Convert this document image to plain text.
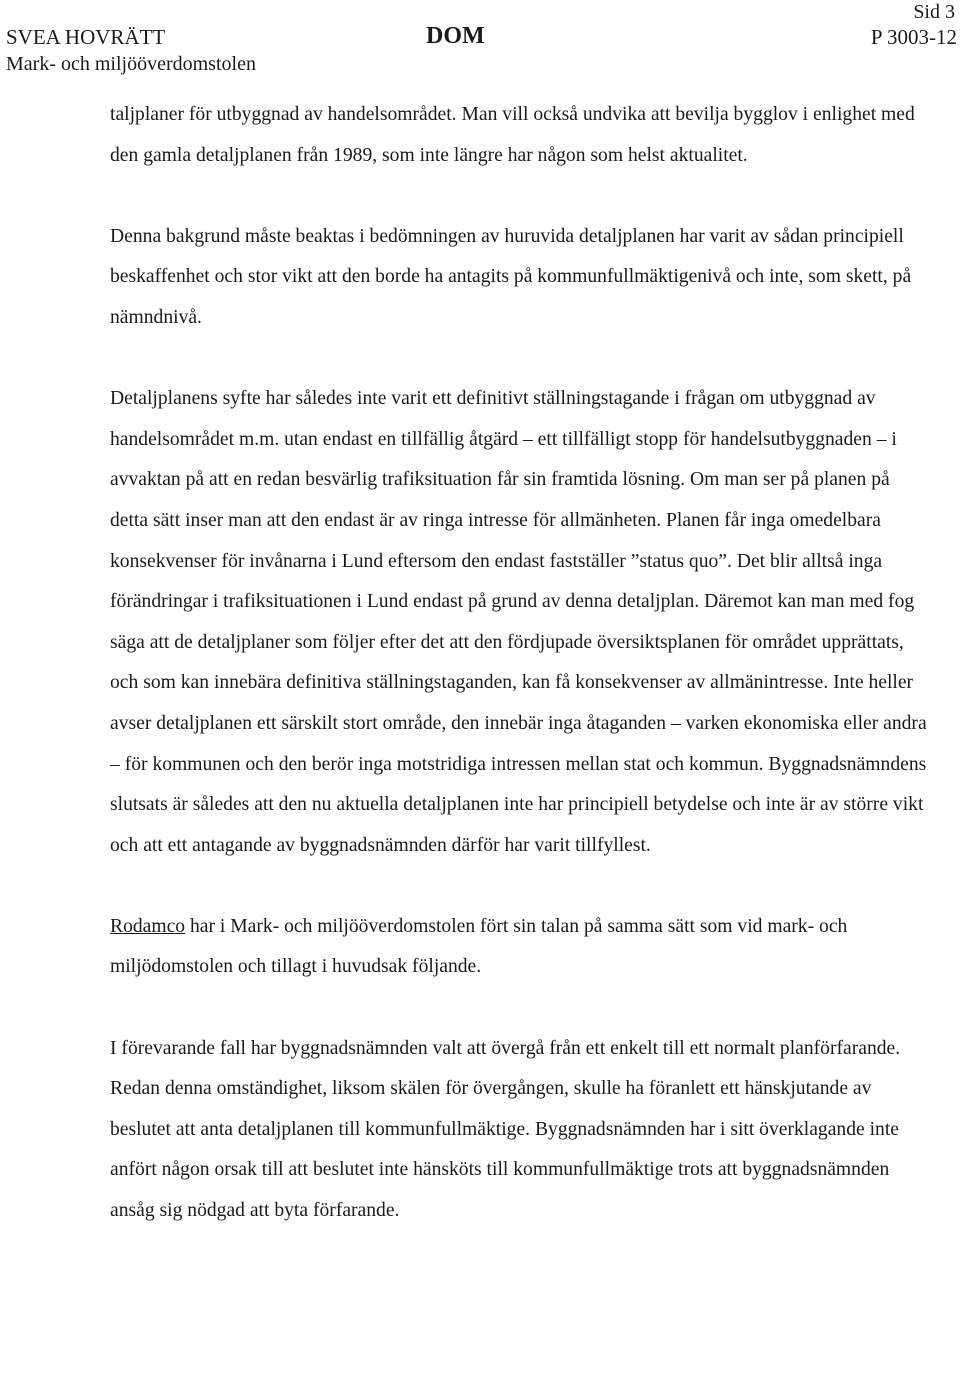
SVEA HOVRÄTT
Mark- och miljööverdomstolen
DOM
Sid 3
P 3003-12

taljplaner för utbyggnad av handelsområdet. Man vill också undvika att bevilja bygglov i enlighet med den gamla detaljplanen från 1989, som inte längre har någon som helst aktualitet.

Denna bakgrund måste beaktas i bedömningen av huruvida detaljplanen har varit av sådan principiell beskaffenhet och stor vikt att den borde ha antagits på kommunfullmäktigenivå och inte, som skett, på nämndnivå.

Detaljplanens syfte har således inte varit ett definitivt ställningstagande i frågan om utbyggnad av handelsområdet m.m. utan endast en tillfällig åtgärd – ett tillfälligt stopp för handelsutbyggnaden – i avvaktan på att en redan besvärlig trafiksituation får sin framtida lösning. Om man ser på planen på detta sätt inser man att den endast är av ringa intresse för allmänheten. Planen får inga omedelbara konsekvenser för invånarna i Lund eftersom den endast fastställer ”status quo”. Det blir alltså inga förändringar i trafiksituationen i Lund endast på grund av denna detaljplan. Däremot kan man med fog säga att de detaljplaner som följer efter det att den fördjupade översiktsplanen för området upprättats, och som kan innebära definitiva ställningstaganden, kan få konsekvenser av allmänintresse. Inte heller avser detaljplanen ett särskilt stort område, den innebär inga åtaganden – varken ekonomiska eller andra – för kommunen och den berör inga motstridiga intressen mellan stat och kommun. Byggnadsnämndens slutsats är således att den nu aktuella detaljplanen inte har principiell betydelse och inte är av större vikt och att ett antagande av byggnadsnämnden därför har varit tillfyllest.

Rodamco har i Mark- och miljööverdomstolen fört sin talan på samma sätt som vid mark- och miljödomstolen och tillagt i huvudsak följande.

I förevarande fall har byggnadsnämnden valt att övergå från ett enkelt till ett normalt planförfarande. Redan denna omständighet, liksom skälen för övergången, skulle ha föranlett ett hänskjutande av beslutet att anta detaljplanen till kommunfullmäktige. Byggnadsnämnden har i sitt överklagande inte anfört någon orsak till att beslutet inte hänsköts till kommunfullmäktige trots att byggnadsnämnden ansåg sig nödgad att byta förfarande.
